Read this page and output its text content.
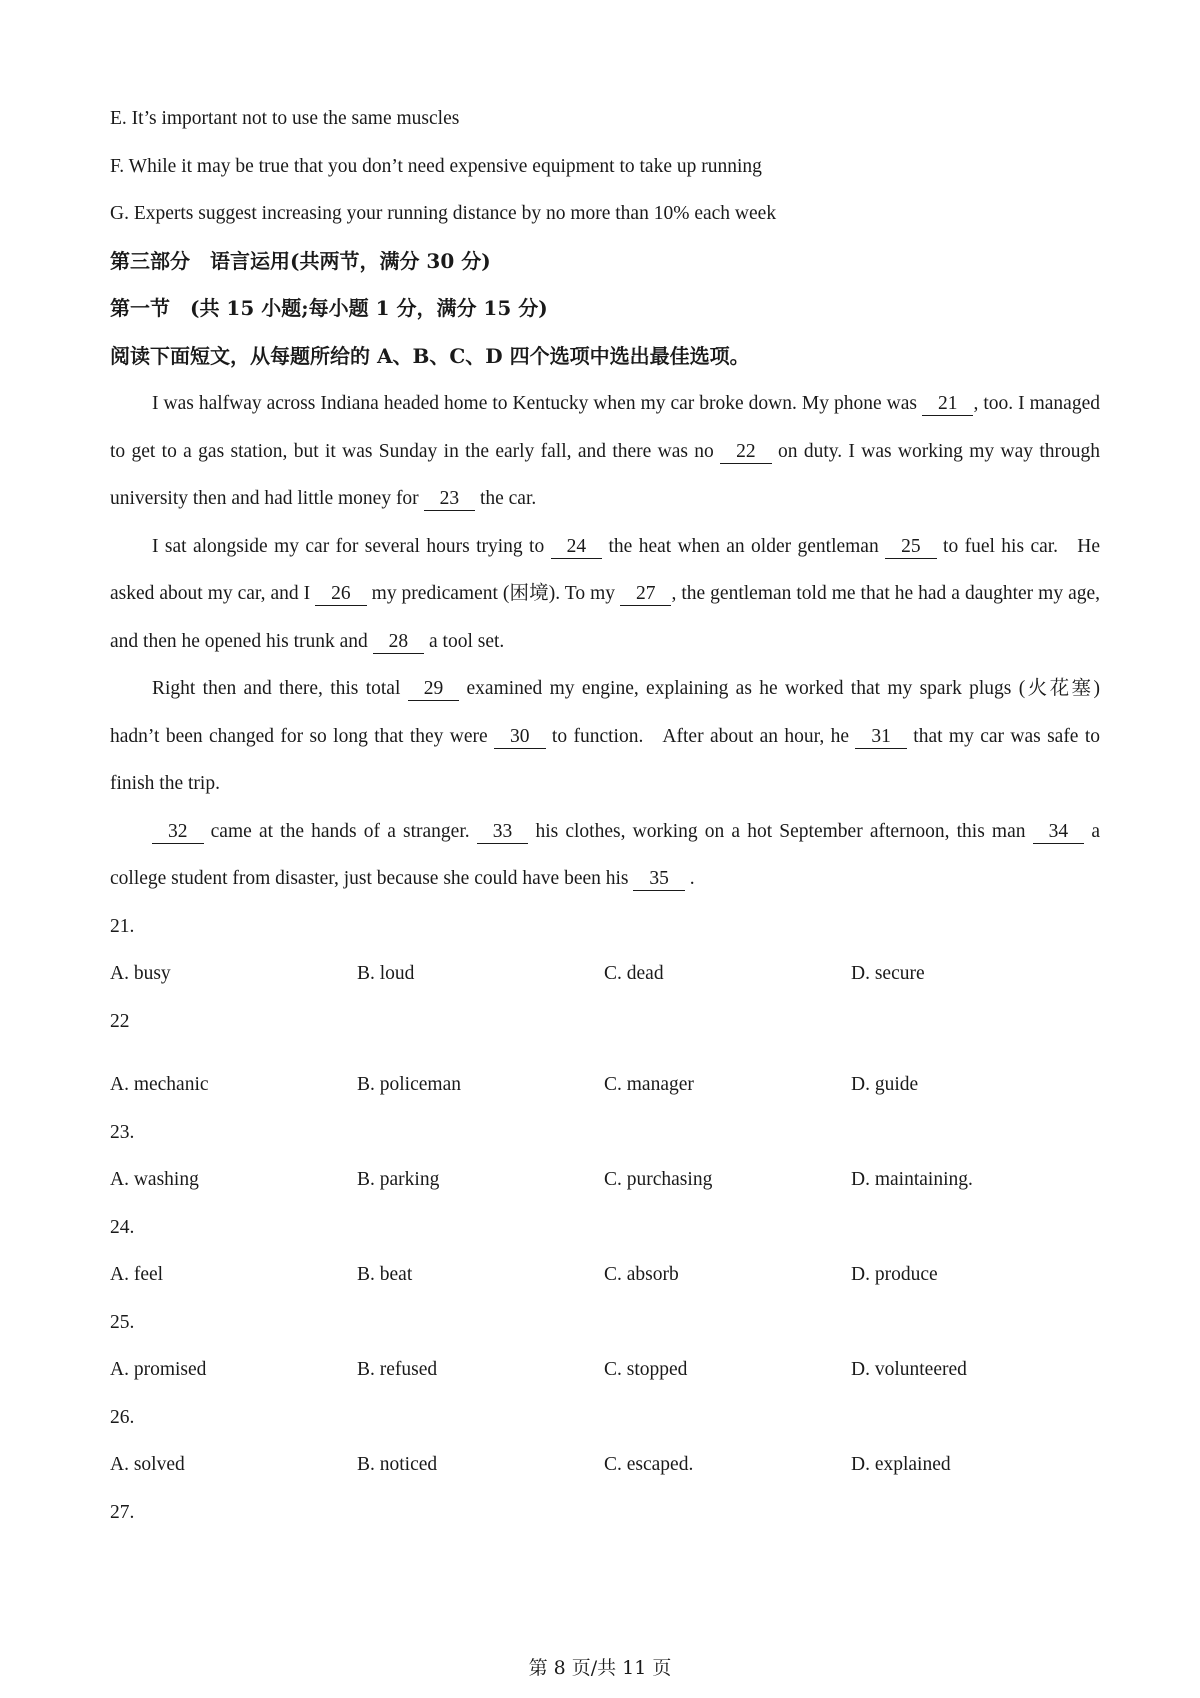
E. It’s important not to use the same muscles
F. While it may be true that you don’t need expensive equipment to take up running
G. Experts suggest increasing your running distance by no more than 10% each week
第三部分　语言运用(共两节，满分 30 分)
第一节　(共 15 小题;每小题 1 分，满分 15 分)
阅读下面短文，从每题所给的 A、B、C、D 四个选项中选出最佳选项。
I was halfway across Indiana headed home to Kentucky when my car broke down. My phone was 21 , too. I managed to get to a gas station, but it was Sunday in the early fall, and there was no 22 on duty. I was working my way through university then and had little money for 23 the car.
I sat alongside my car for several hours trying to 24 the heat when an older gentleman 25 to fuel his car.   He asked about my car, and I 26 my predicament (困境). To my 27 , the gentleman told me that he had a daughter my age, and then he opened his trunk and 28 a tool set.
Right then and there, this total 29 examined my engine, explaining as he worked that my spark plugs (火花塞) hadn’t been changed for so long that they were 30 to function.   After about an hour, he 31 that my car was safe to finish the trip.
32 came at the hands of a stranger. 33 his clothes, working on a hot September afternoon, this man 34 a college student from disaster, just because she could have been his 35 .
21.
A. busy	B. loud	C. dead	D. secure
22
A. mechanic	B. policeman	C. manager	D. guide
23.
A. washing	B. parking	C. purchasing	D. maintaining.
24.
A. feel	B. beat	C. absorb	D. produce
25.
A. promised	B. refused	C. stopped	D. volunteered
26.
A. solved	B. noticed	C. escaped.	D. explained
27.
第 8 页/共 11 页
